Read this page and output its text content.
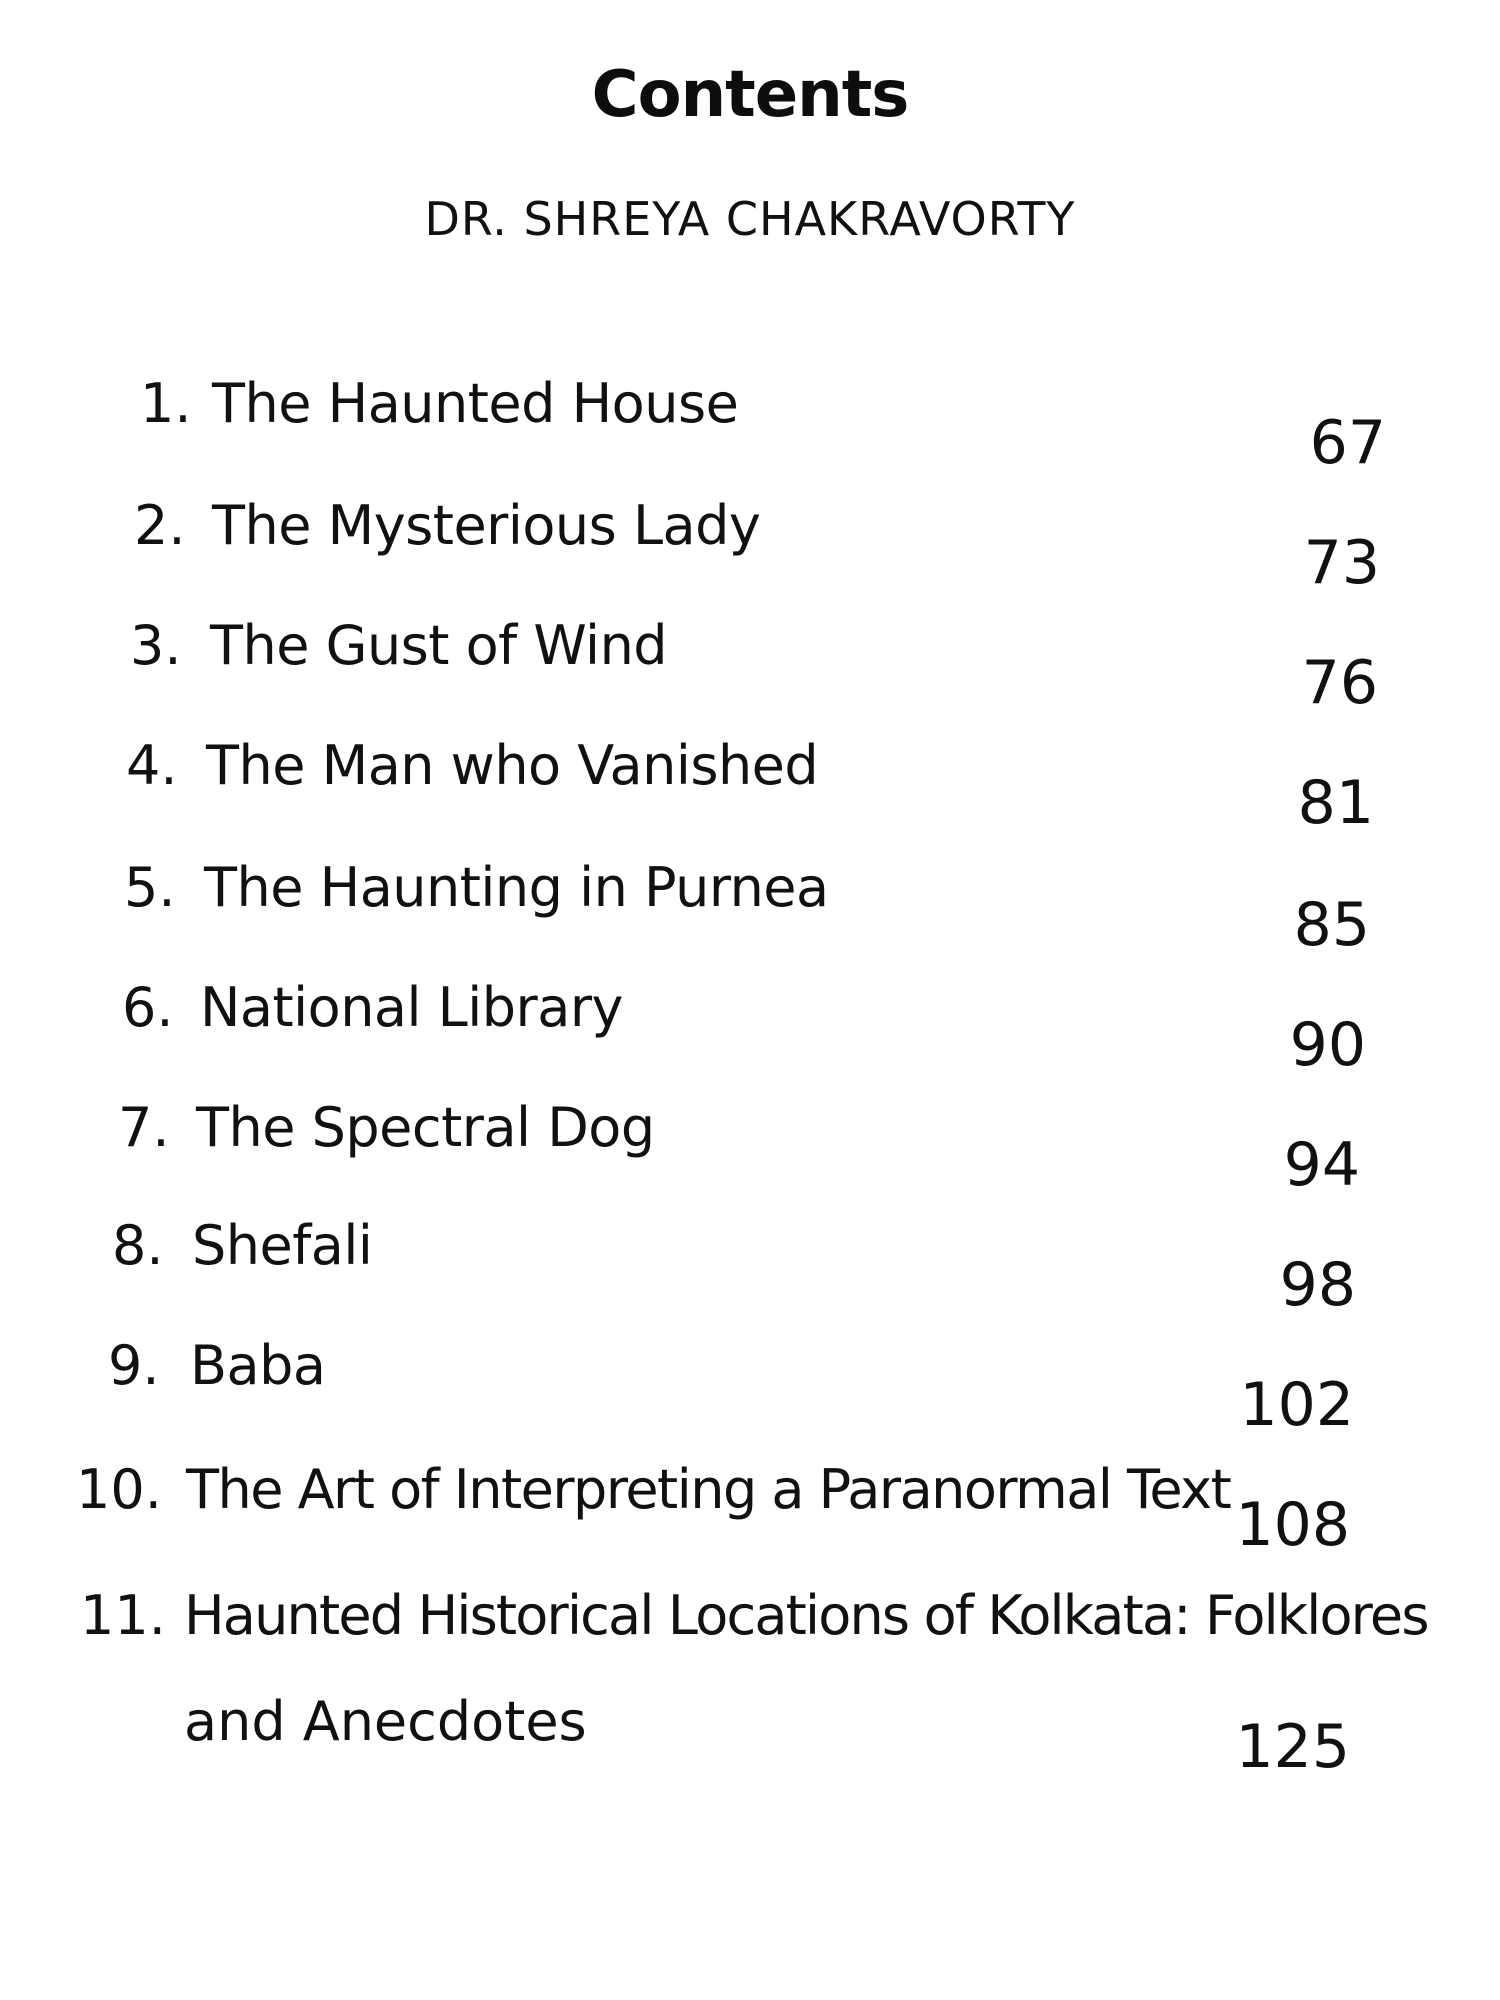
Contents
DR. SHREYA CHAKRAVORTY
1. The Haunted House
67
2. The Mysterious Lady
73
3. The Gust of Wind
76
4. The Man who Vanished
81
5. The Haunting in Purnea
85
6. National Library
90
7. The Spectral Dog
94
8. Shefali
98
9. Baba
102
10. The Art of Interpreting a Paranormal Text
108
11. Haunted Historical Locations of Kolkata: Folklores
and Anecdotes	125
